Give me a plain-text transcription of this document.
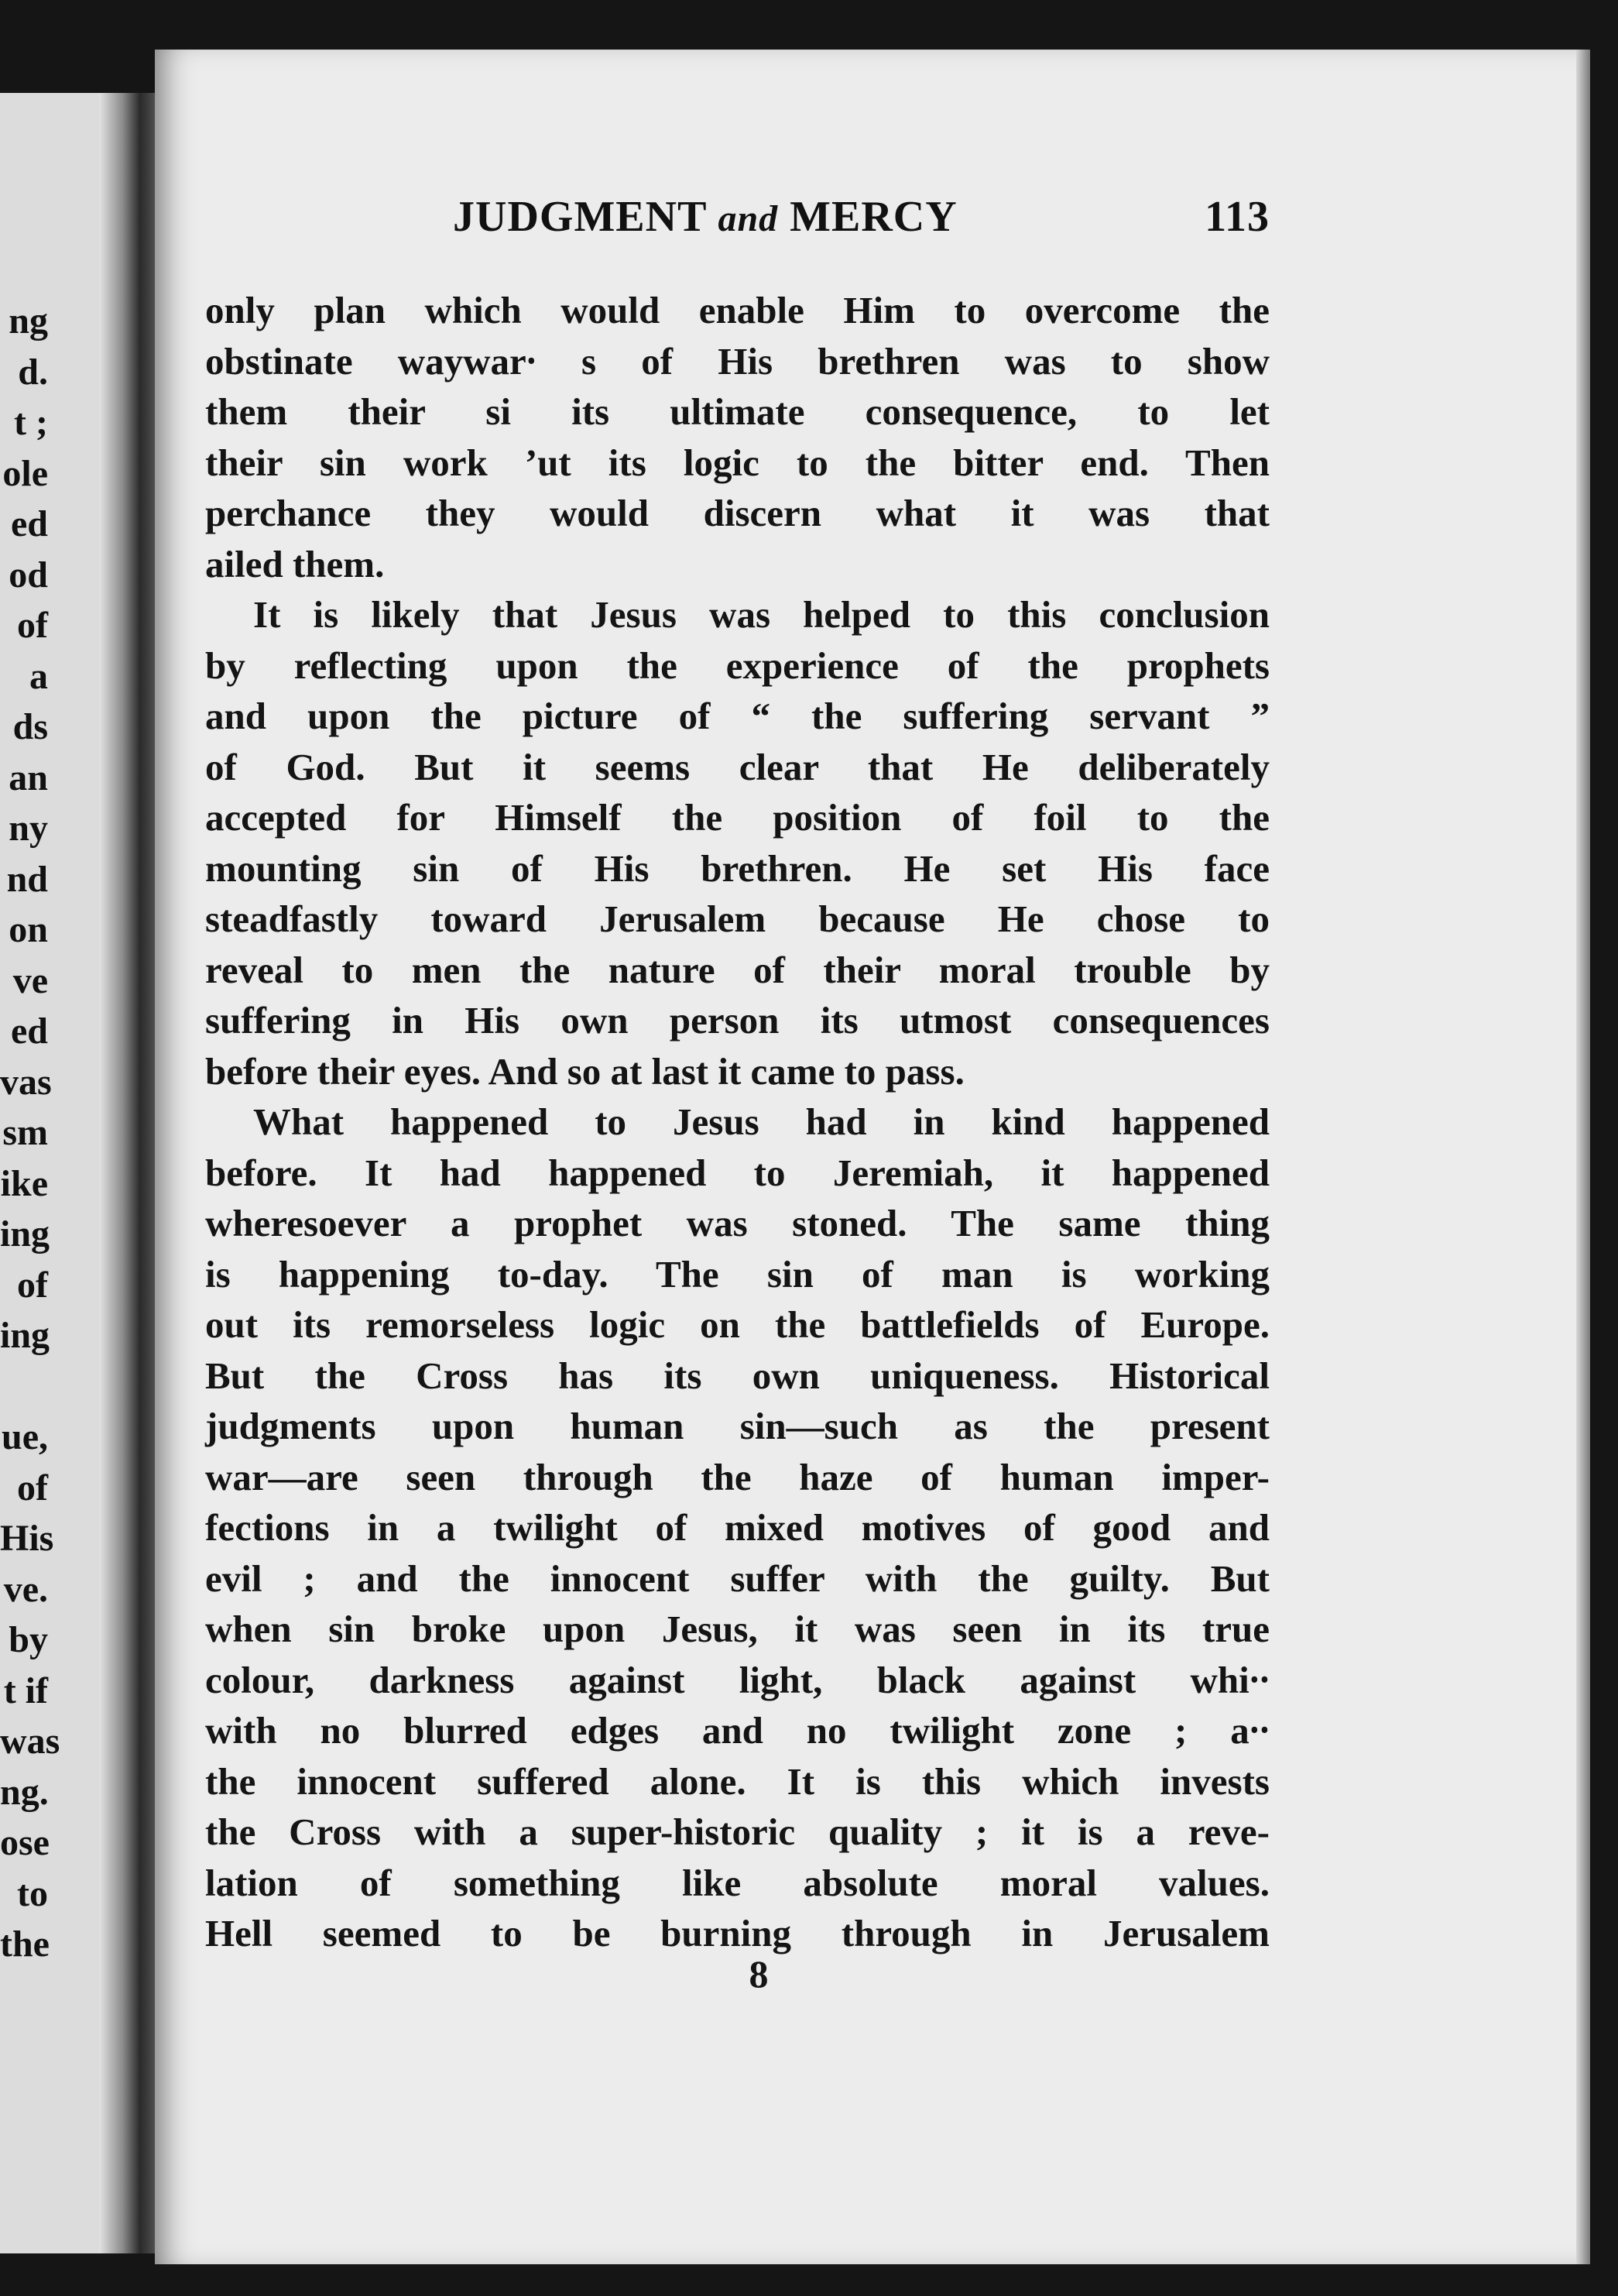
ng
d.
t ;
ole
ed
od
of
a
ds
an
ny
nd
on
ve
ed
vas
sm
ike
ing
of
ing
ue,
of
His
ve.
by
t if
was
ng.
ose
to
the
JUDGMENT and MERCY	113
only plan which would enable Him to overcome the
obstinate waywar⸱ s of His brethren was to show
them their si its ultimate consequence, to let
their sin work ʼut its logic to the bitter end. Then
perchance they would discern what it was that
ailed them.
It is likely that Jesus was helped to this conclusion
by reflecting upon the experience of the prophets
and upon the picture of “ the suffering servant ”
of God. But it seems clear that He deliberately
accepted for Himself the position of foil to the
mounting sin of His brethren. He set His face
steadfastly toward Jerusalem because He chose to
reveal to men the nature of their moral trouble by
suffering in His own person its utmost consequences
before their eyes. And so at last it came to pass.
What happened to Jesus had in kind happened
before. It had happened to Jeremiah, it happened
wheresoever a prophet was stoned. The same thing
is happening to-day. The sin of man is working
out its remorseless logic on the battlefields of Europe.
But the Cross has its own uniqueness. Historical
judgments upon human sin—such as the present
war—are seen through the haze of human imper-
fections in a twilight of mixed motives of good and
evil ; and the innocent suffer with the guilty. But
when sin broke upon Jesus, it was seen in its true
colour, darkness against light, black against whi⸱⸱
with no blurred edges and no twilight zone ; a⸱⸱
the innocent suffered alone. It is this which invests
the Cross with a super-historic quality ; it is a reve-
lation of something like absolute moral values.
Hell seemed to be burning through in Jerusalem
8
